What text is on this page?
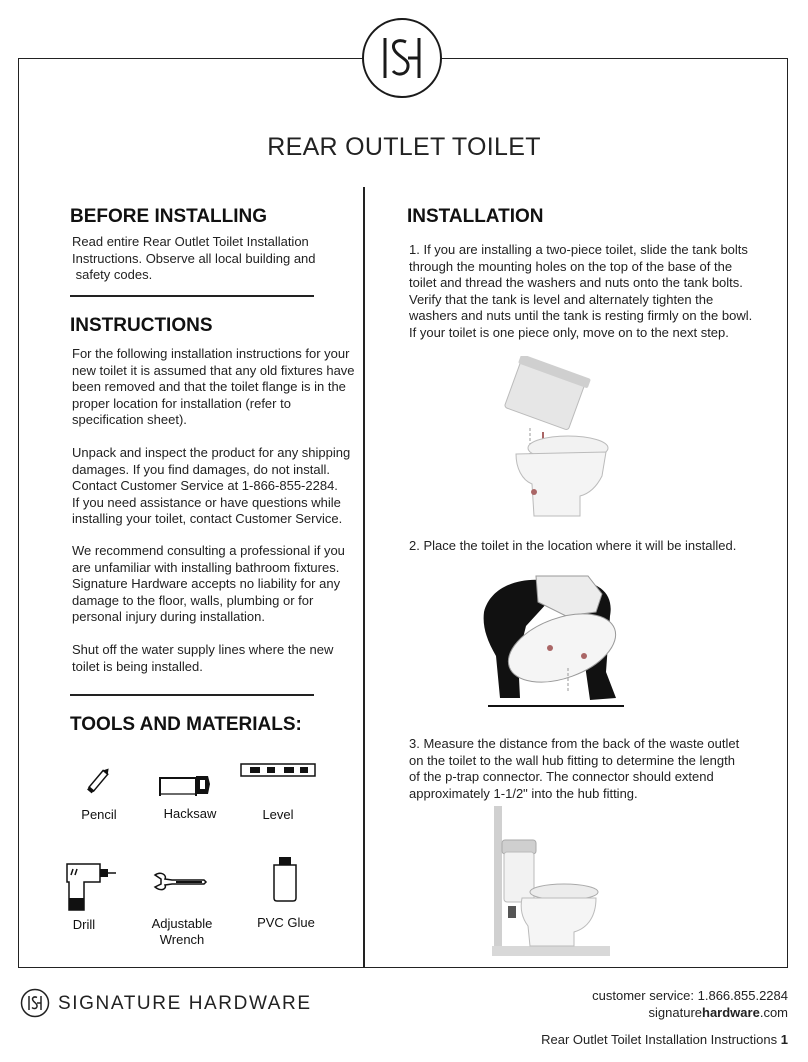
REAR OUTLET TOILET
BEFORE INSTALLING
Read entire Rear Outlet Toilet Installation
Instructions. Observe all local building and
safety codes.
INSTRUCTIONS
For the following installation instructions for your
new toilet it is assumed that any old fixtures have
been removed and that the toilet flange is in the
proper location for installation (refer to
specification sheet).
Unpack and inspect the product for any shipping
damages. If you find damages, do not install.
Contact Customer Service at 1-866-855-2284.
If you need assistance or have questions while
installing your toilet, contact Customer Service.
We recommend consulting a professional if you
are unfamiliar with installing bathroom fixtures.
Signature Hardware accepts no liability for any
damage to the floor, walls, plumbing or for
personal injury during installation.
Shut off the water supply lines where the new
toilet is being installed.
TOOLS AND MATERIALS:
Pencil	Hacksaw	Level
Drill	Adjustable
Wrench
PVC Glue
INSTALLATION
1. If you are installing a two-piece toilet, slide the tank bolts
through the mounting holes on the top of the base of the
toilet and thread the washers and nuts onto the tank bolts.
Verify that the tank is level and alternately tighten the
washers and nuts until the tank is resting firmly on the bowl.
If your toilet is one piece only, move on to the next step.
2. Place the toilet in the location where it will be installed.
3. Measure the distance from the back of the waste outlet
on the toilet to the wall hub fitting to determine the length
of the p-trap connector. The connector should extend
approximately 1-1/2" into the hub fitting.
SIGNATURE HARDWARE	customer service: 1.866.855.2284
signaturehardware.com
Rear Outlet Toilet Installation Instructions 1
